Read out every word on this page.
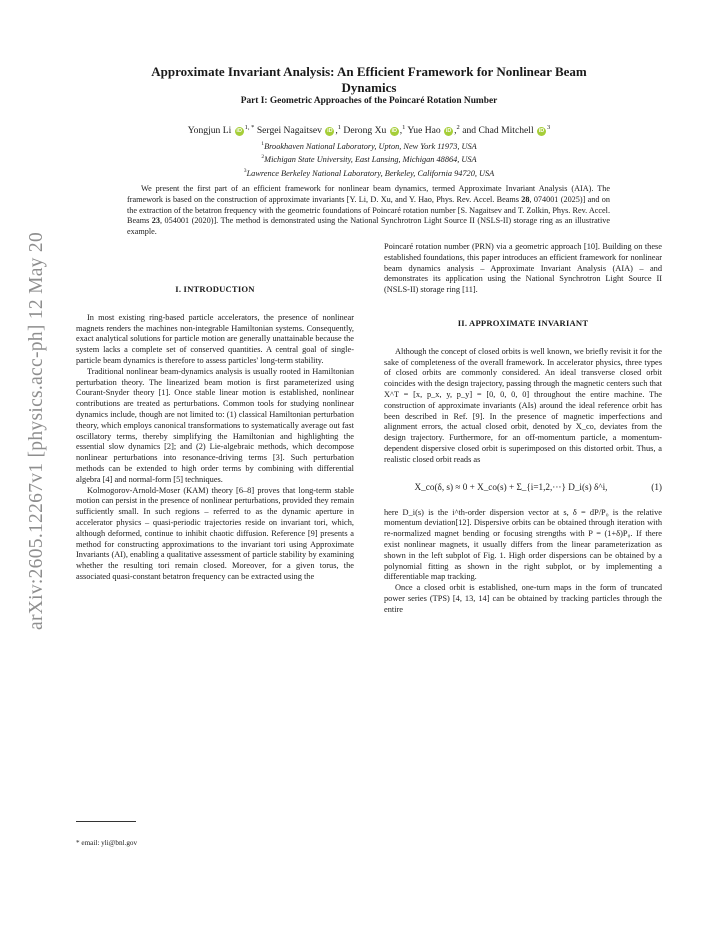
arXiv:2605.12267v1 [physics.acc-ph] 12 May 2026
Approximate Invariant Analysis: An Efficient Framework for Nonlinear Beam
Dynamics
Part I: Geometric Approaches of the Poincaré Rotation Number
Yongjun Li $iD^{1, *}$ Sergei Nagaitsev iD ,$^1$ Derong Xu iD ,$^1$ Yue Hao iD ,$^2$ and Chad Mitchell $iD^3$
$^1$Brookhaven National Laboratory, Upton, New York 11973, USA
$^2$Michigan State University, East Lansing, Michigan 48864, USA
$^3$Lawrence Berkeley National Laboratory, Berkeley, California 94720, USA
We present the first part of an efficient framework for nonlinear beam dynamics, termed Approximate Invariant Analysis (AIA). The framework is based on the construction of approximate invariants [Y. Li, D. Xu, and Y. Hao, Phys. Rev. Accel. Beams 28, 074001 (2025)] and on the extraction of the betatron frequency with the geometric foundations of Poincaré rotation number [S. Nagaitsev and T. Zolkin, Phys. Rev. Accel. Beams 23, 054001 (2020)]. The method is demonstrated using the National Synchrotron Light Source II (NSLS-II) storage ring as an illustrative example.
I. INTRODUCTION

In most existing ring-based particle accelerators, the presence of nonlinear magnets renders the machines non-integrable Hamiltonian systems. Consequently, exact analytical solutions for particle motion are generally unattainable because the system lacks a complete set of conserved quantities. A central goal of single-particle beam dynamics is therefore to assess particles' long-term stability.

Traditional nonlinear beam-dynamics analysis is usually rooted in Hamiltonian perturbation theory. The linearized beam motion is first parameterized using Courant-Snyder theory [1]. Once stable linear motion is established, nonlinear contributions are treated as perturbations. Common tools for studying nonlinear dynamics include, though are not limited to: (1) classical Hamiltonian perturbation theory, which employs canonical transformations to systematically average out fast oscillatory terms, thereby simplifying the Hamiltonian and highlighting the essential slow dynamics [2]; and (2) Lie-algebraic methods, which decompose nonlinear perturbations into resonance-driving terms [3]. Such perturbation methods can be extended to high order terms by combining with differential algebra [4] and normal-form [5] techniques.

Kolmogorov-Arnold-Moser (KAM) theory [6–8] proves that long-term stable motion can persist in the presence of nonlinear perturbations, provided they remain sufficiently small. In such regions – referred to as the dynamic aperture in accelerator physics – quasi-periodic trajectories reside on invariant tori, which, although deformed, continue to inhibit chaotic diffusion. Reference [9] presents a method for constructing approximations to the invariant tori using Approximate Invariants (AI), enabling a qualitative assessment of particle stability by examining whether the resulting tori remain closed. Moreover, for a given torus, the associated quasi-constant betatron frequency can be extracted using the

Poincaré rotation number (PRN) via a geometric approach [10]. Building on these established foundations, this paper introduces an efficient framework for nonlinear beam dynamics analysis – Approximate Invariant Analysis (AIA) – and demonstrates its application using the National Synchrotron Light Source II (NSLS-II) storage ring [11].

II. APPROXIMATE INVARIANT

Although the concept of closed orbits is well known, we briefly revisit it for the sake of completeness of the overall framework. In accelerator physics, three types of closed orbits are commonly considered. An ideal transverse closed orbit coincides with the design trajectory, passing through the magnetic centers such that X^T = [x, p_x, y, p_y] = [0, 0, 0, 0] throughout the entire machine. The construction of approximate invariants (AIs) around the ideal reference orbit has been described in Ref. [9]. In the presence of magnetic imperfections and alignment errors, the actual closed orbit, denoted by X_co, deviates from the design trajectory. Furthermore, for an off-momentum particle, a momentum-dependent dispersive closed orbit is superimposed on this distorted orbit. Thus, a realistic closed orbit reads as

X_co(δ, s) ≈ 0 + X_co(s) + Σ_{i=1,2,···} D_i(s) δ^i,	(1)

here D_i(s) is the i^th-order dispersion vector at s, δ = dP/P₀ is the relative momentum deviation[12]. Dispersive orbits can be obtained through iteration with re-normalized magnet bending or focusing strengths with P = (1+δ)P₀. If there exist nonlinear magnets, it usually differs from the linear parameterization as shown in the left subplot of Fig. 1. High order dispersions can be obtained by a polynomial fitting as shown in the right subplot, or by implementing a differentiable map tracking.

Once a closed orbit is established, one-turn maps in the form of truncated power series (TPS) [4, 13, 14] can be obtained by tracking particles through the entire

* email: yli@bnl.gov
